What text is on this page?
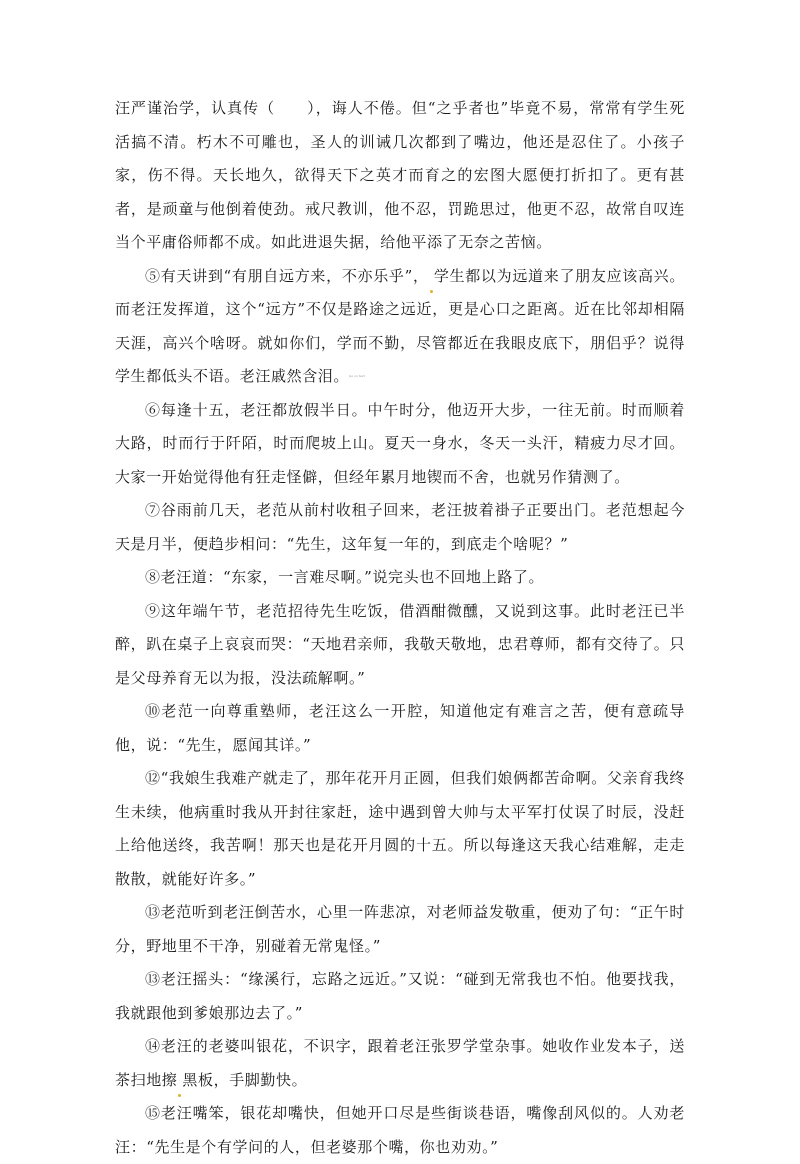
汪严谨治学，认真传（　　），诲人不倦。但“之乎者也”毕竟不易，常常有学生死活搞不清。朽木不可雕也，圣人的训诫几次都到了嘴边，他还是忍住了。小孩子家，伤不得。天长地久，欲得天下之英才而育之的宏图大愿便打折扣了。更有甚者，是顽童与他倒着使劲。戒尺教训，他不忍，罚跪思过，他更不忍，故常自叹连当个平庸俗师都不成。如此进退失据，给他平添了无奈之苦恼。

⑤有天讲到“有朋自远方来，不亦乐乎”， 学生都以为远道来了朋友应该高兴。而老汪发挥道，这个“远方”不仅是路途之远近，更是心口之距离。近在比邻却相隔天涯，高兴个啥呀。就如你们，学而不勤，尽管都近在我眼皮底下，朋侣乎？说得学生都低头不语。老汪戚然含泪。Go on text

⑥每逢十五，老汪都放假半日。中午时分，他迈开大步，一往无前。时而顺着大路，时而行于阡陌，时而爬坡上山。夏天一身水，冬天一头汗，精疲力尽才回。大家一开始觉得他有狂走怪僻，但经年累月地锲而不舍，也就另作猜测了。

⑦谷雨前几天，老范从前村收租子回来，老汪披着褂子正要出门。老范想起今天是月半，便趋步相问：“先生，这年复一年的，到底走个啥呢？”

⑧老汪道：“东家，一言难尽啊。”说完头也不回地上路了。

⑨这年端午节，老范招待先生吃饭，借酒酣微醺，又说到这事。此时老汪已半醉，趴在桌子上哀哀而哭：“天地君亲师，我敬天敬地，忠君尊师，都有交待了。只是父母养育无以为报，没法疏解啊。”

⑩老范一向尊重塾师，老汪这么一开腔，知道他定有难言之苦，便有意疏导他，说：“先生，愿闻其详。”

⑫“我娘生我难产就走了，那年花开月正圆，但我们娘俩都苦命啊。父亲育我终生未续，他病重时我从开封往家赶，途中遇到曾大帅与太平军打仗误了时辰，没赶上给他送终，我苦啊！那天也是花开月圆的十五。所以每逢这天我心结难解，走走散散，就能好许多。”

⑬老范听到老汪倒苦水，心里一阵悲凉，对老师益发敬重，便劝了句：“正午时分，野地里不干净，别碰着无常鬼怪。”

⑬老汪摇头：“缘溪行，忘路之远近。”又说：“碰到无常我也不怕。他要找我，我就跟他到爹娘那边去了。”

⑭老汪的老婆叫银花，不识字，跟着老汪张罗学堂杂事。她收作业发本子，送茶扫地擦 黑板，手脚勤快。

⑮老汪嘴笨，银花却嘴快，但她开口尽是些街谈巷语，嘴像刮风似的。人劝老汪：“先生是个有学问的人，但老婆那个嘴，你也劝劝。”
